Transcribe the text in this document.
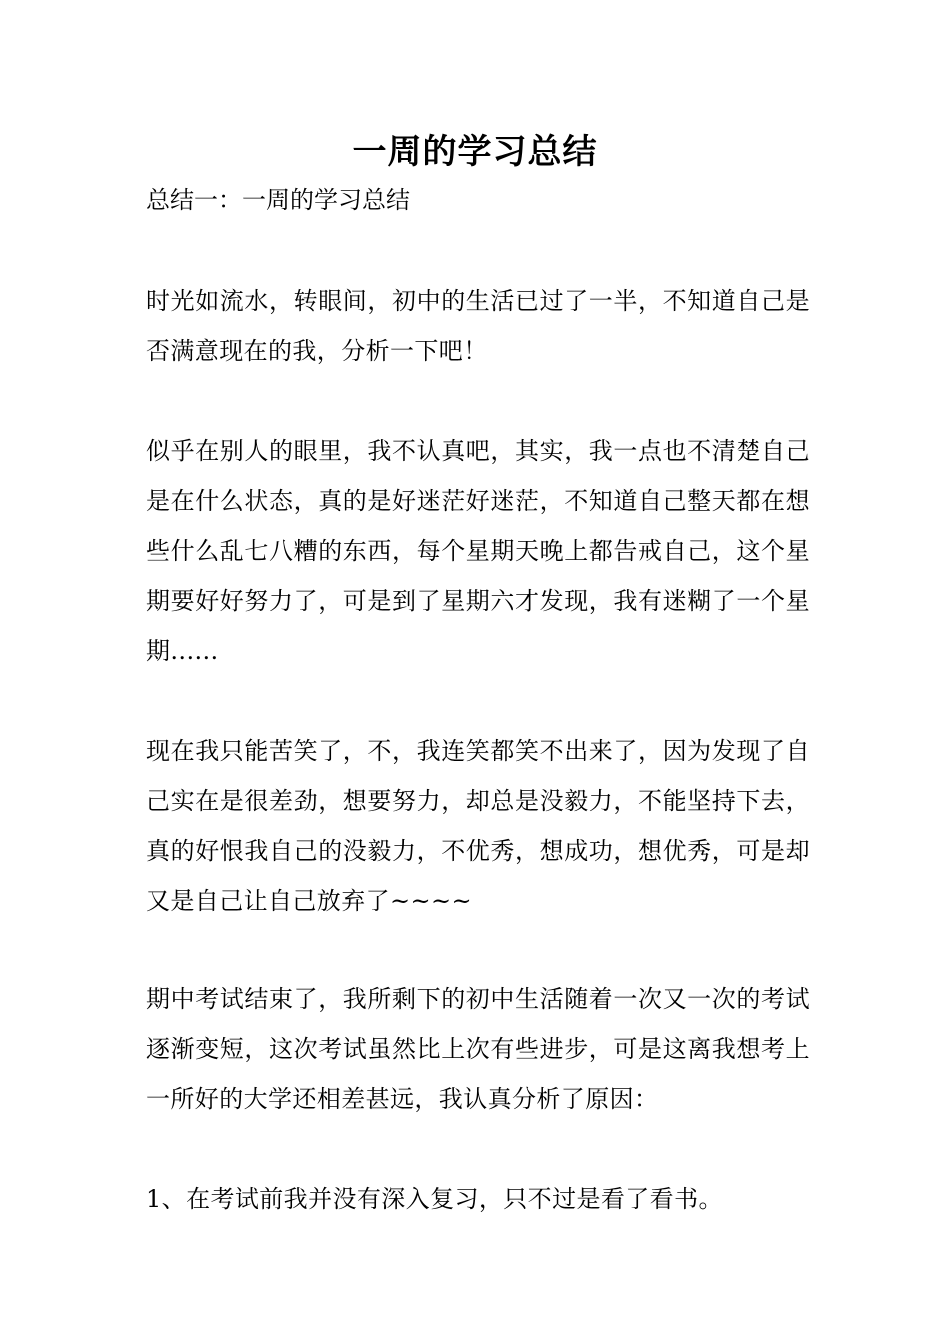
一周的学习总结

总结一：一周的学习总结

时光如流水，转眼间，初中的生活已过了一半，不知道自己是否满意现在的我，分析一下吧！

似乎在别人的眼里，我不认真吧，其实，我一点也不清楚自己是在什么状态，真的是好迷茫好迷茫，不知道自己整天都在想些什么乱七八糟的东西，每个星期天晚上都告戒自己，这个星期要好好努力了，可是到了星期六才发现，我有迷糊了一个星期......

现在我只能苦笑了，不，我连笑都笑不出来了，因为发现了自己实在是很差劲，想要努力，却总是没毅力，不能坚持下去，真的好恨我自己的没毅力，不优秀，想成功，想优秀，可是却又是自己让自己放弃了~~~~

期中考试结束了，我所剩下的初中生活随着一次又一次的考试逐渐变短，这次考试虽然比上次有些进步，可是这离我想考上一所好的大学还相差甚远，我认真分析了原因：

1、在考试前我并没有深入复习，只不过是看了看书。
